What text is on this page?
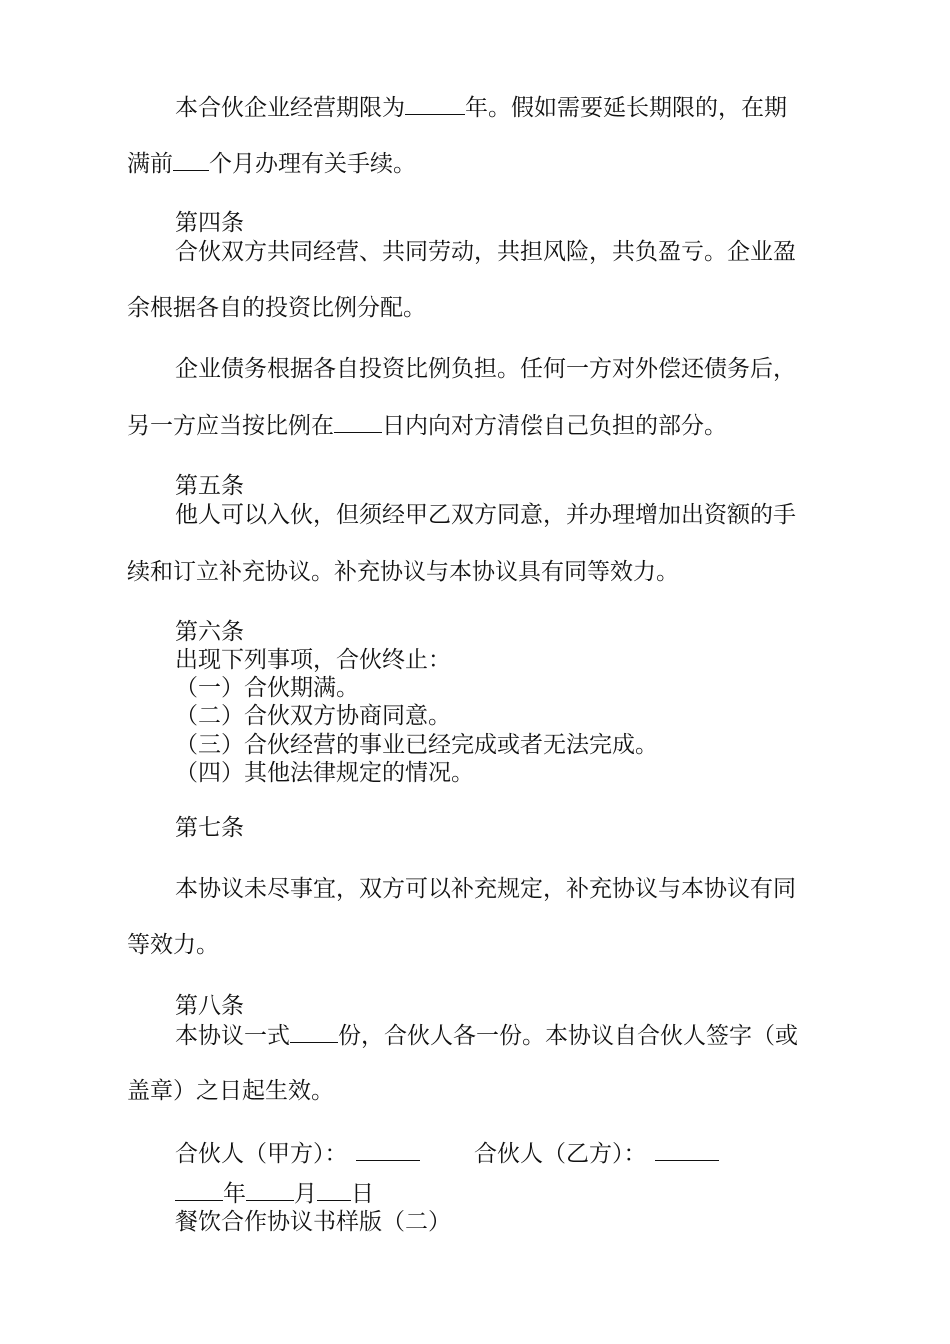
本合伙企业经营期限为	年。假如需要延长期限的，在期

满前 个月办理有关手续。

第四条

合伙双方共同经营、共同劳动，共担风险，共负盈亏。企业盈

余根据各自的投资比例分配。

企业债务根据各自投资比例负担。任何一方对外偿还债务后，

另一方应当按比例在 日内向对方清偿自己负担的部分。

第五条

他人可以入伙，但须经甲乙双方同意，并办理增加出资额的手

续和订立补充协议。补充协议与本协议具有同等效力。

第六条

出现下列事项，合伙终止：

（一）合伙期满。

（二）合伙双方协商同意。

（三）合伙经营的事业已经完成或者无法完成。

（四）其他法律规定的情况。

第七条

本协议未尽事宜，双方可以补充规定，补充协议与本协议有同

等效力。

第八条

本协议一式 份，合伙人各一份。本协议自合伙人签字（或

盖章）之日起生效。

合伙人（甲方）：	合伙人（乙方）：

年 月 日

餐饮合作协议书样版（二）
